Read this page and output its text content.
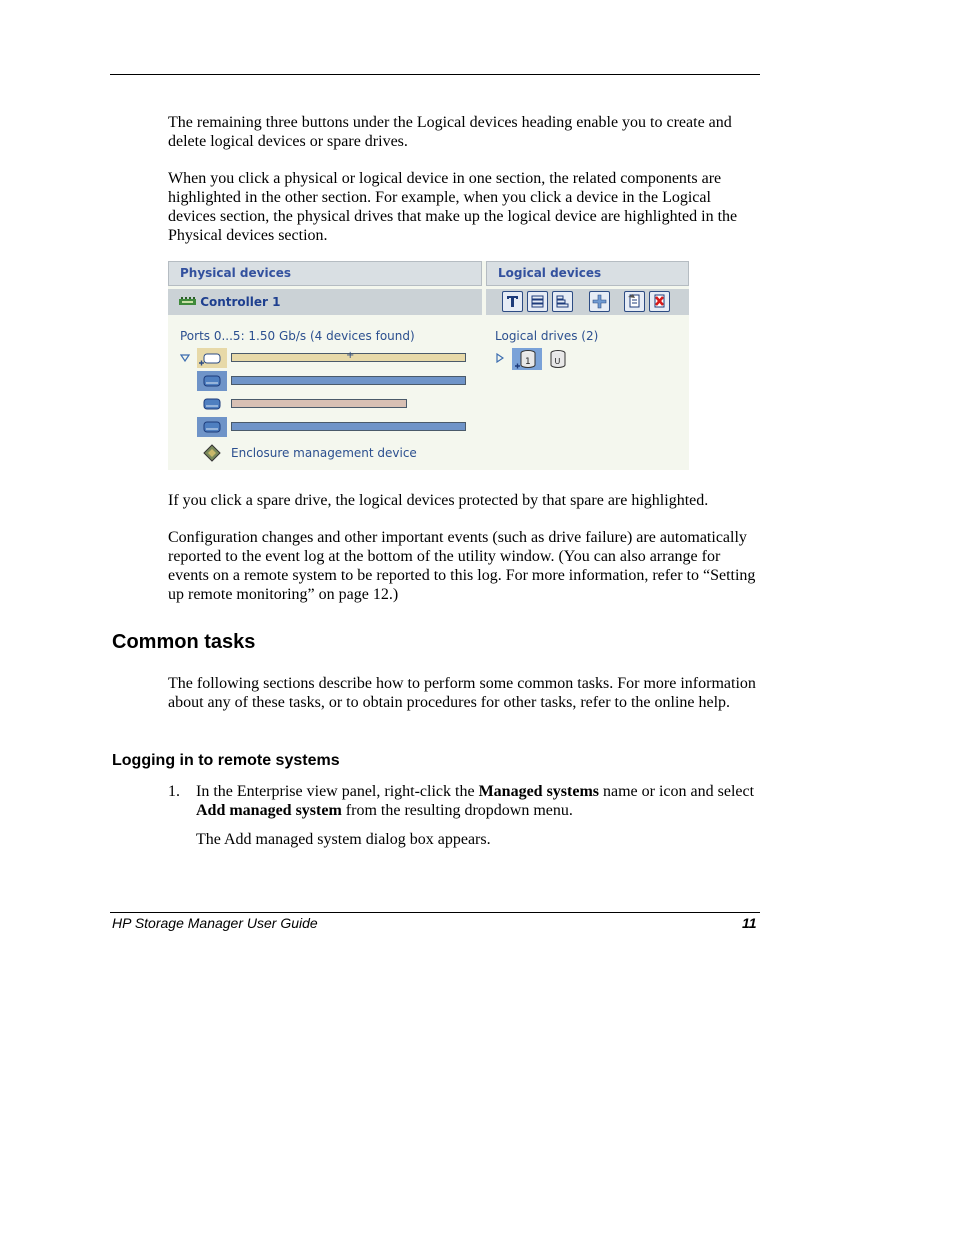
The remaining three buttons under the Logical devices heading enable you to create and delete logical devices or spare drives.

When you click a physical or logical device in one section, the related components are highlighted in the other section. For example, when you click a device in the Logical devices section, the physical drives that make up the logical device are highlighted in the Physical devices section.

Physical devices	Logical devices
Controller 1
Ports 0...5: 1.50 Gb/s (4 devices found)	Logical drives (2)
+
Enclosure management device
1	U

If you click a spare drive, the logical devices protected by that spare are highlighted.

Configuration changes and other important events (such as drive failure) are automatically reported to the event log at the bottom of the utility window. (You can also arrange for events on a remote system to be reported to this log. For more information, refer to “Setting up remote monitoring” on page 12.)

Common tasks

The following sections describe how to perform some common tasks. For more information about any of these tasks, or to obtain procedures for other tasks, refer to the online help.

Logging in to remote systems
1. In the Enterprise view panel, right-click the Managed systems name or icon and select Add managed system from the resulting dropdown menu.
The Add managed system dialog box appears.
HP Storage Manager User Guide	11
